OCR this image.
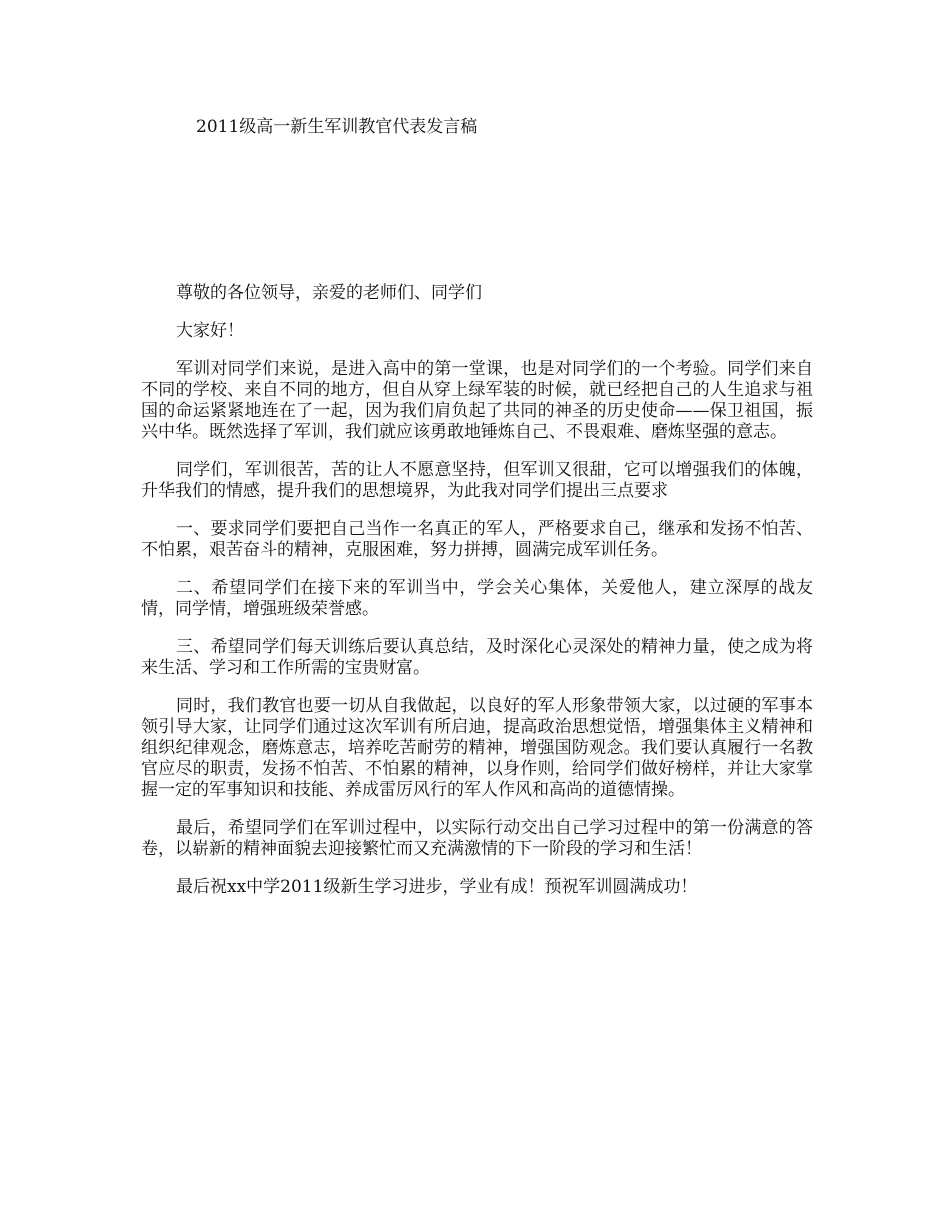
2011级高一新生军训教官代表发言稿

尊敬的各位领导，亲爱的老师们、同学们

大家好！

军训对同学们来说，是进入高中的第一堂课，也是对同学们的一个考验。同学们来自不同的学校、来自不同的地方，但自从穿上绿军装的时候，就已经把自己的人生追求与祖国的命运紧紧地连在了一起，因为我们肩负起了共同的神圣的历史使命——保卫祖国，振兴中华。既然选择了军训，我们就应该勇敢地锤炼自己、不畏艰难、磨炼坚强的意志。

同学们，军训很苦，苦的让人不愿意坚持，但军训又很甜，它可以增强我们的体魄，升华我们的情感，提升我们的思想境界，为此我对同学们提出三点要求

一、要求同学们要把自己当作一名真正的军人，严格要求自己，继承和发扬不怕苦、不怕累，艰苦奋斗的精神，克服困难，努力拼搏，圆满完成军训任务。

二、希望同学们在接下来的军训当中，学会关心集体，关爱他人，建立深厚的战友情，同学情，增强班级荣誉感。

三、希望同学们每天训练后要认真总结，及时深化心灵深处的精神力量，使之成为将来生活、学习和工作所需的宝贵财富。

同时，我们教官也要一切从自我做起，以良好的军人形象带领大家，以过硬的军事本领引导大家，让同学们通过这次军训有所启迪，提高政治思想觉悟，增强集体主义精神和组织纪律观念，磨炼意志，培养吃苦耐劳的精神，增强国防观念。我们要认真履行一名教官应尽的职责，发扬不怕苦、不怕累的精神，以身作则，给同学们做好榜样，并让大家掌握一定的军事知识和技能、养成雷厉风行的军人作风和高尚的道德情操。

最后，希望同学们在军训过程中，以实际行动交出自己学习过程中的第一份满意的答卷，以崭新的精神面貌去迎接繁忙而又充满激情的下一阶段的学习和生活！

最后祝xx中学2011级新生学习进步，学业有成！预祝军训圆满成功！
